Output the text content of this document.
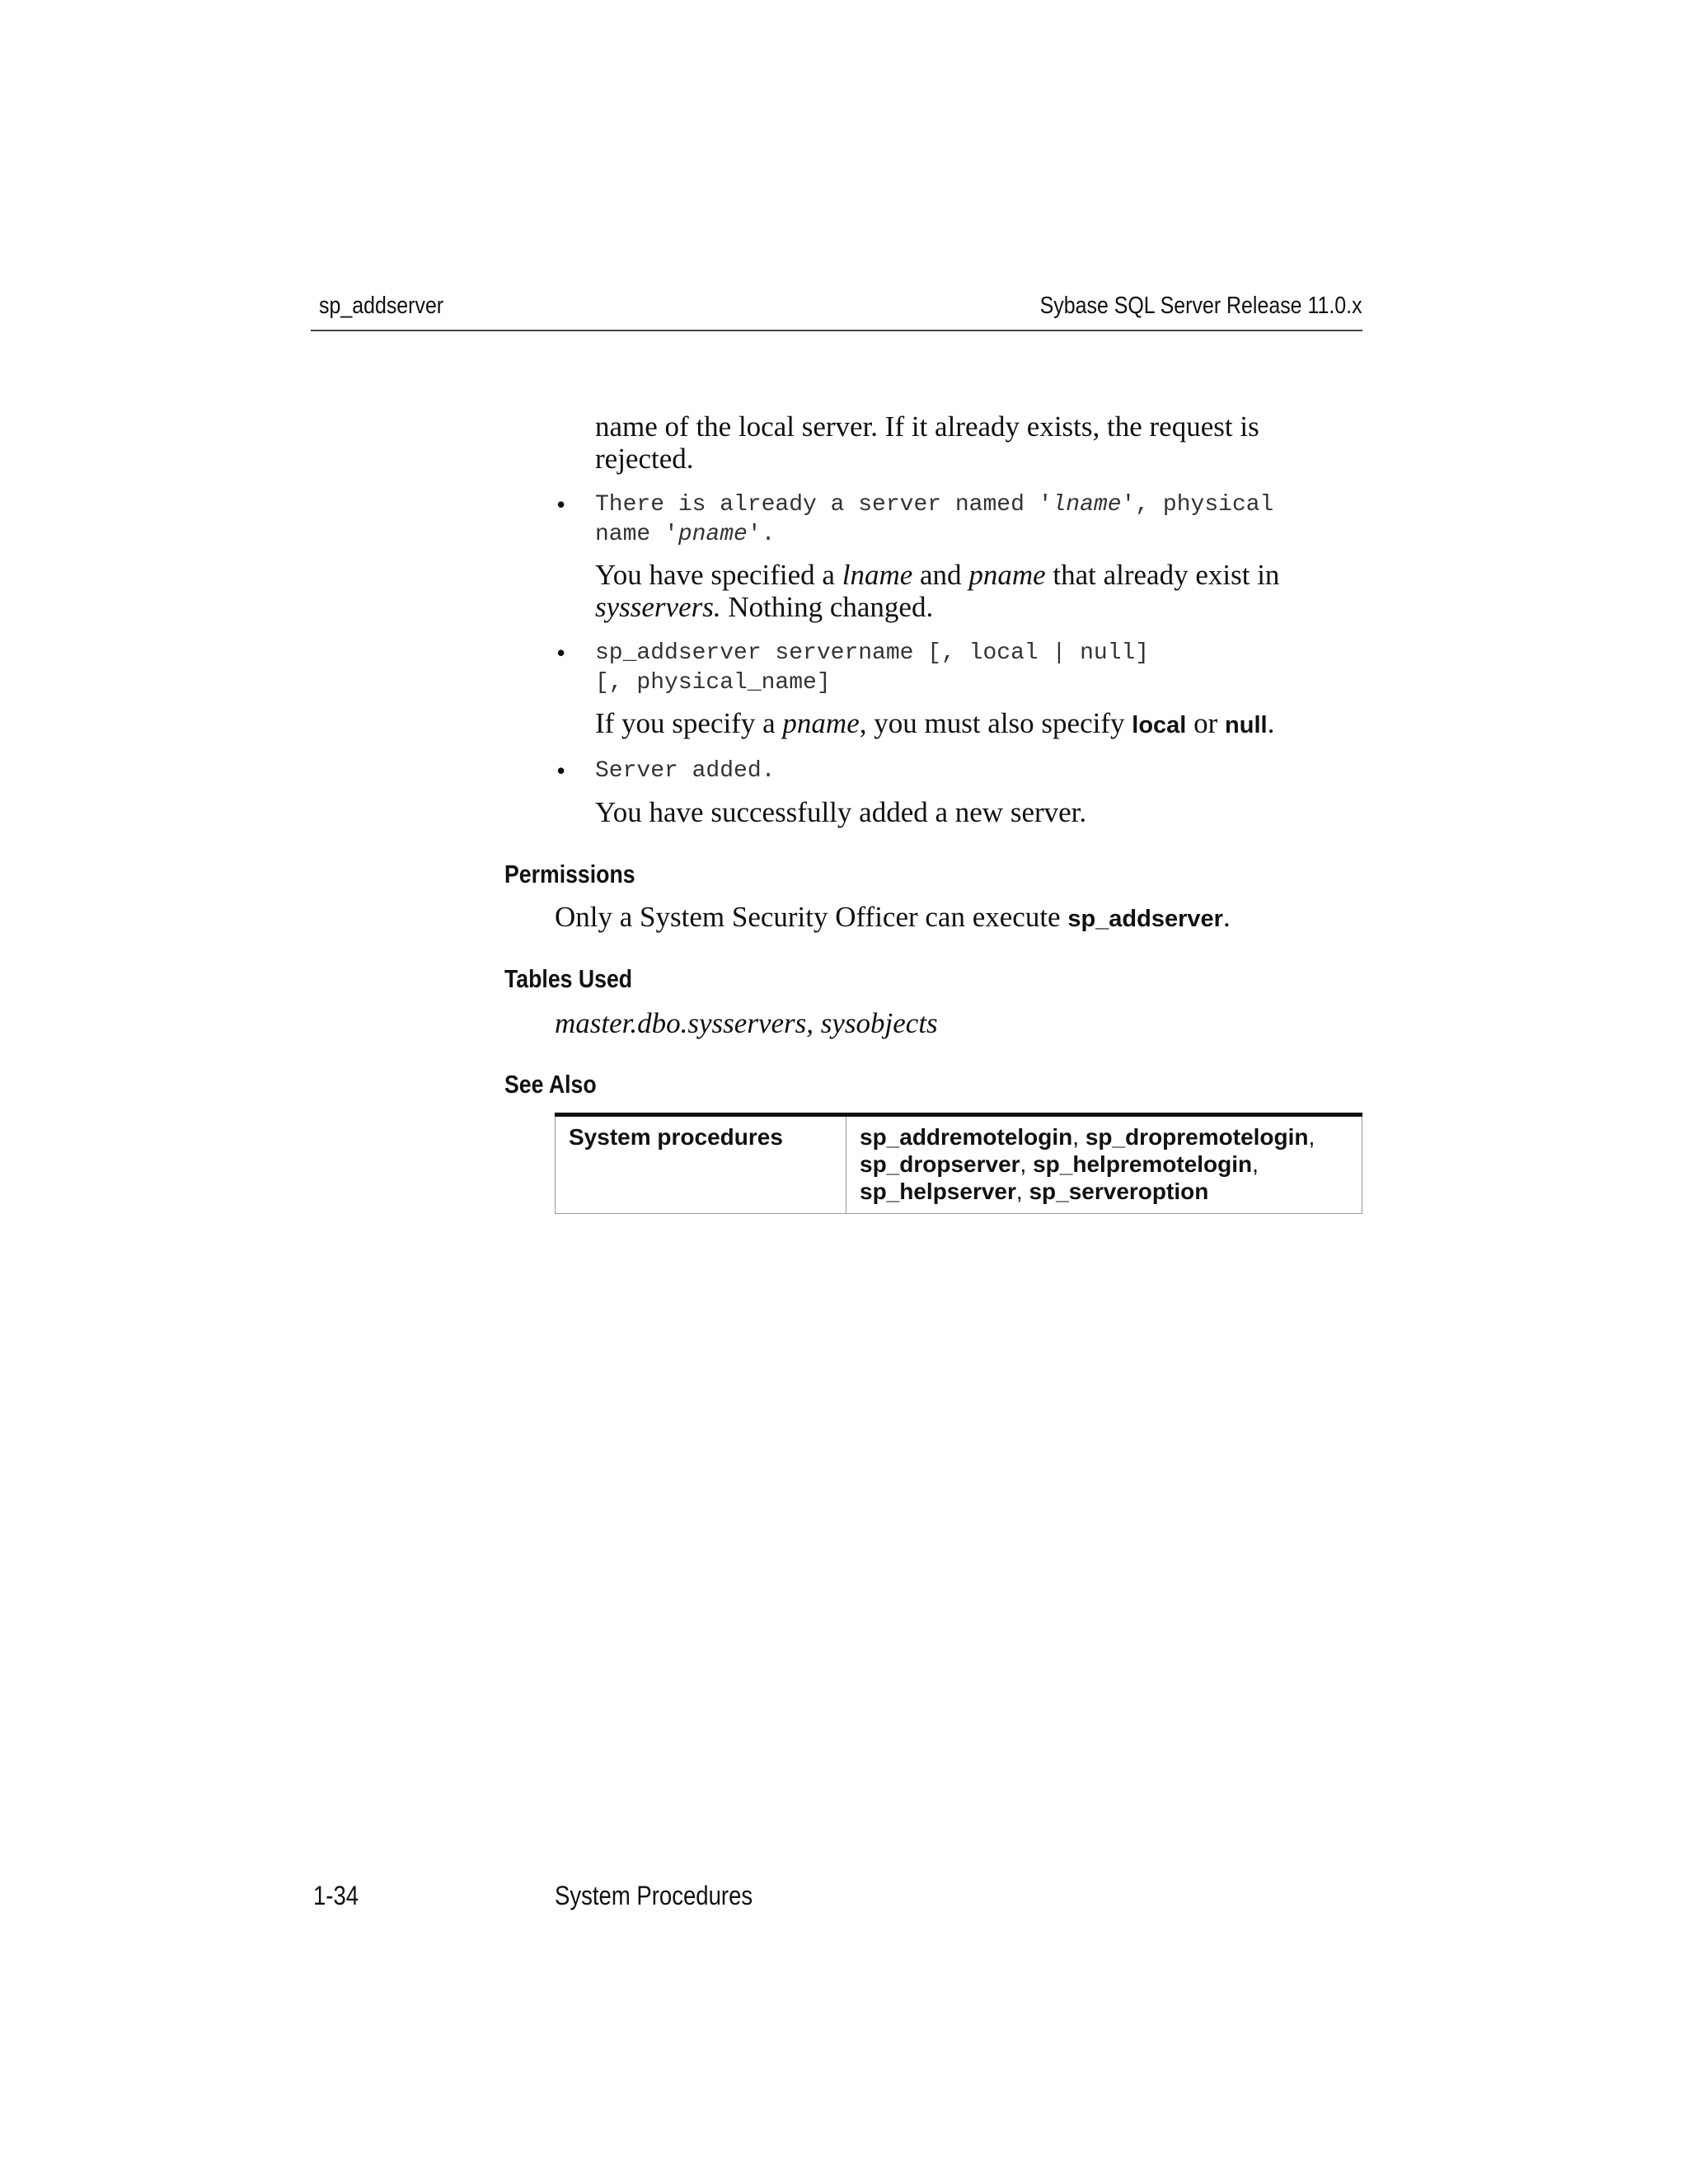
sp_addserver	Sybase SQL Server Release 11.0.x
name of the local server. If it already exists, the request is
rejected.
• There is already a server named 'lname', physical
name 'pname'.
You have specified a lname and pname that already exist in
sysservers. Nothing changed.
• sp_addserver servername [, local | null]
[, physical_name]
If you specify a pname, you must also specify local or null.
• Server added.
You have successfully added a new server.
Permissions
Only a System Security Officer can execute sp_addserver.
Tables Used
master.dbo.sysservers, sysobjects
See Also
System procedures	sp_addremotelogin, sp_dropremotelogin,
sp_dropserver, sp_helpremotelogin,
sp_helpserver, sp_serveroption
1-34	System Procedures
